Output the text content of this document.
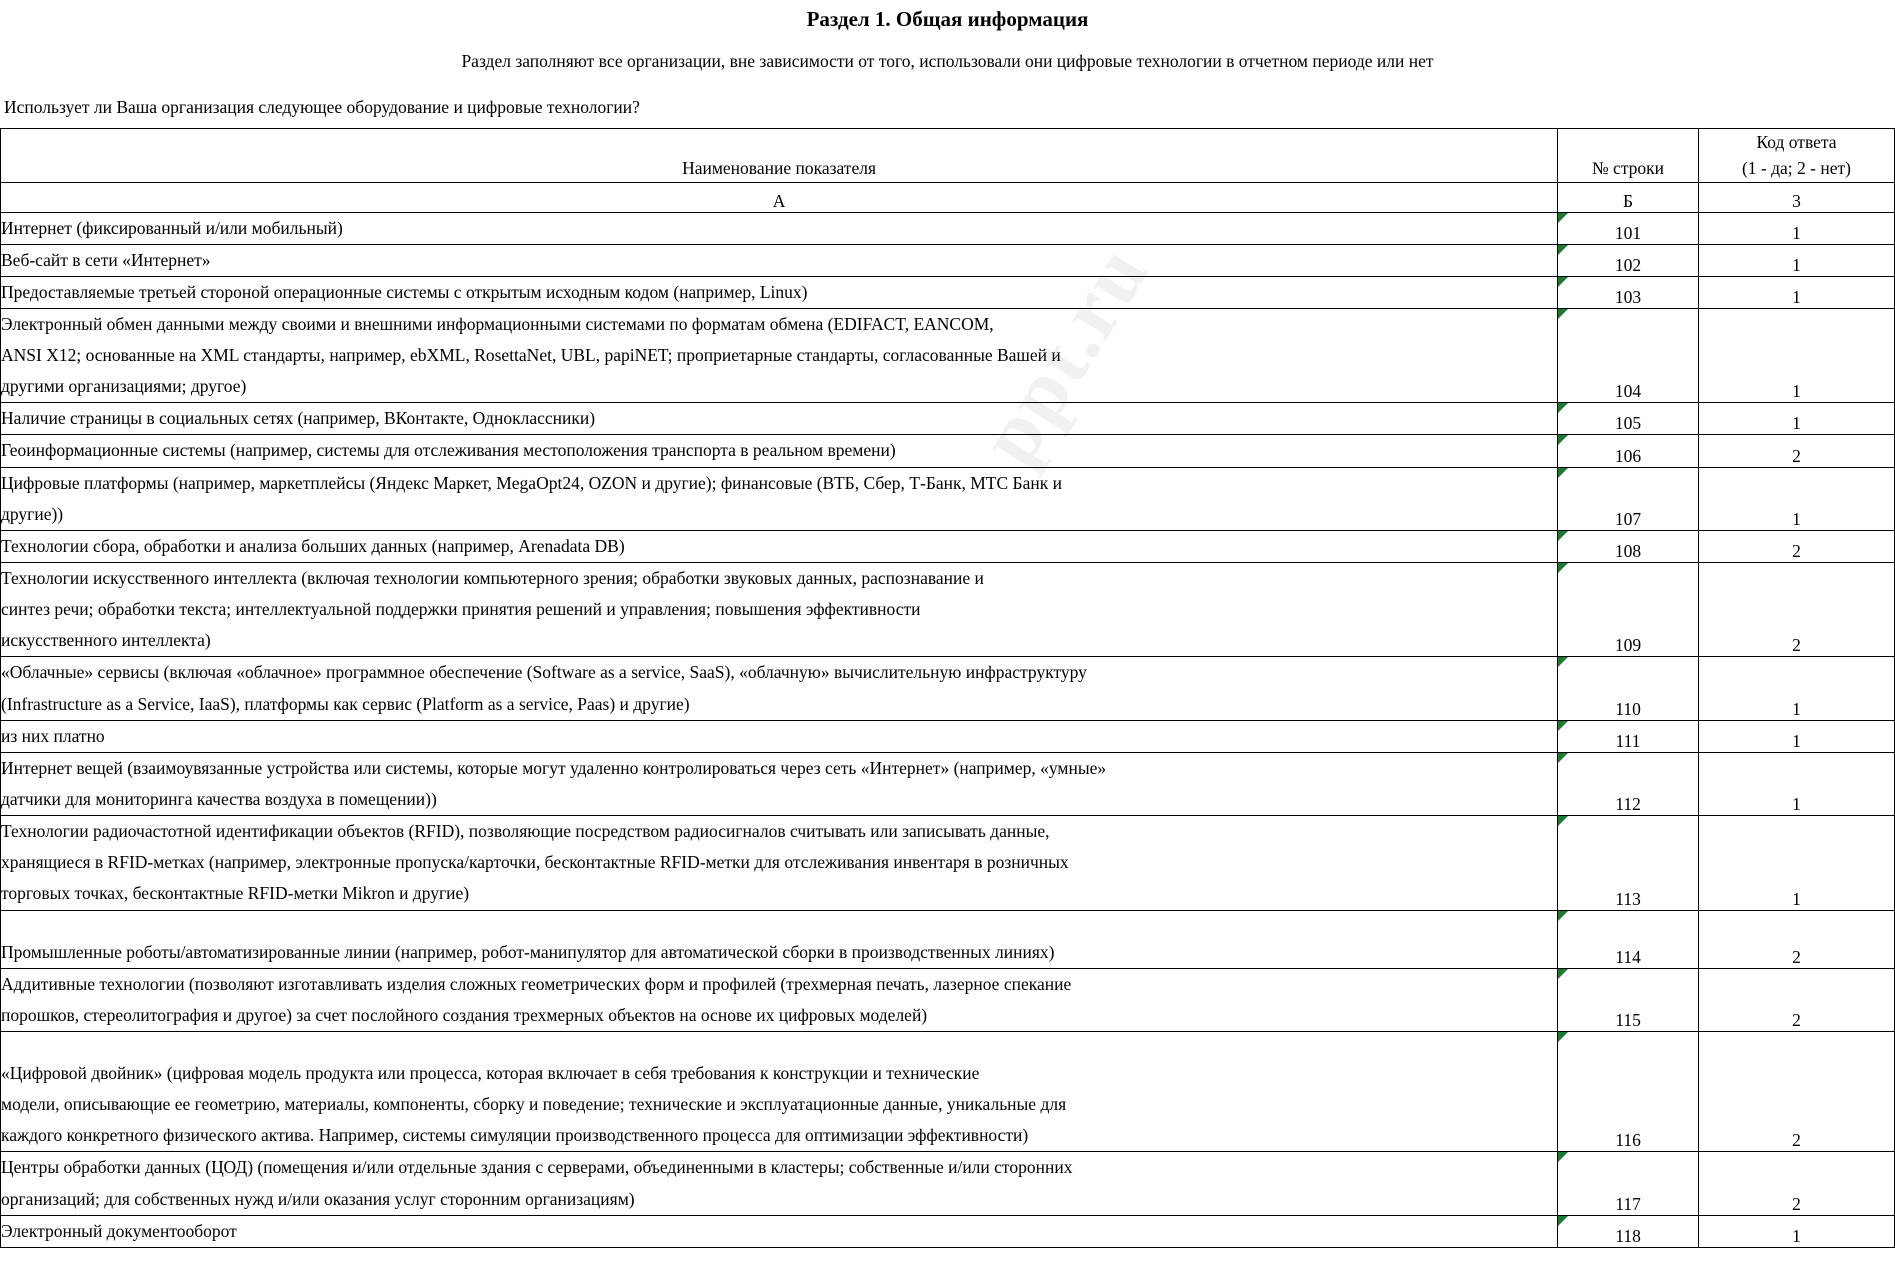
ppt.ru
Раздел 1. Общая информация

Раздел заполняют все организации, вне зависимости от того, использовали они цифровые технологии в отчетном периоде или нет

Использует ли Ваша организация следующее оборудование и цифровые технологии?

Наименование показателя	№ строки	Код ответа
(1 - да; 2 - нет)

А	Б	3

Интернет (фиксированный и/или мобильный)	101	1

Веб-сайт в сети «Интернет»	102	1

Предоставляемые третьей стороной операционные системы с открытым исходным кодом (например, Linux)	103	1

Электронный обмен данными между своими и внешними информационными системами по форматам обмена (EDIFACT, EANCOM,
ANSI X12; основанные на XML стандарты, например, ebXML, RosettaNet, UBL, papiNET; проприетарные стандарты, согласованные Вашей и
другими организациями; другое)	104	1

Наличие страницы в социальных сетях (например, ВКонтакте, Одноклассники)	105	1

Геоинформационные системы (например, системы для отслеживания местоположения транспорта в реальном времени)	106	2

Цифровые платформы (например, маркетплейсы (Яндекс Маркет, MegaOpt24, OZON и другие); финансовые (ВТБ, Сбер, Т-Банк, МТС Банк и
другие))	107	1

Технологии сбора, обработки и анализа больших данных (например, Arenadata DB)	108	2

Технологии искусственного интеллекта (включая технологии компьютерного зрения; обработки звуковых данных, распознавание и
синтез речи; обработки текста; интеллектуальной поддержки принятия решений и управления; повышения эффективности
искусственного интеллекта)	109	2

«Облачные» сервисы (включая «облачное» программное обеспечение (Software as a service, SaaS), «облачную» вычислительную инфраструктуру
(Infrastructure as a Service, IaaS), платформы как сервис (Platform as a service, Paas) и другие)	110	1

из них платно	111	1

Интернет вещей (взаимоувязанные устройства или системы, которые могут удаленно контролироваться через сеть «Интернет» (например, «умные»
датчики для мониторинга качества воздуха в помещении))	112	1

Технологии радиочастотной идентификации объектов (RFID), позволяющие посредством радиосигналов считывать или записывать данные,
хранящиеся в RFID-метках (например, электронные пропуска/карточки, бесконтактные RFID-метки для отслеживания инвентаря в розничных
торговых точках, бесконтактные RFID-метки Mikron и другие)	113	1

Промышленные роботы/автоматизированные линии (например, робот-манипулятор для автоматической сборки в производственных линиях)	114	2

Аддитивные технологии (позволяют изготавливать изделия сложных геометрических форм и профилей (трехмерная печать, лазерное спекание
порошков, стереолитография и другое) за счет послойного создания трехмерных объектов на основе их цифровых моделей)	115	2

«Цифровой двойник» (цифровая модель продукта или процесса, которая включает в себя требования к конструкции и технические
модели, описывающие ее геометрию, материалы, компоненты, сборку и поведение; технические и эксплуатационные данные, уникальные для
каждого конкретного физического актива. Например, системы симуляции производственного процесса для оптимизации эффективности)	116	2

Центры обработки данных (ЦОД) (помещения и/или отдельные здания с серверами, объединенными в кластеры; собственные и/или сторонних
организаций; для собственных нужд и/или оказания услуг сторонним организациям)	117	2

Электронный документооборот	118	1
